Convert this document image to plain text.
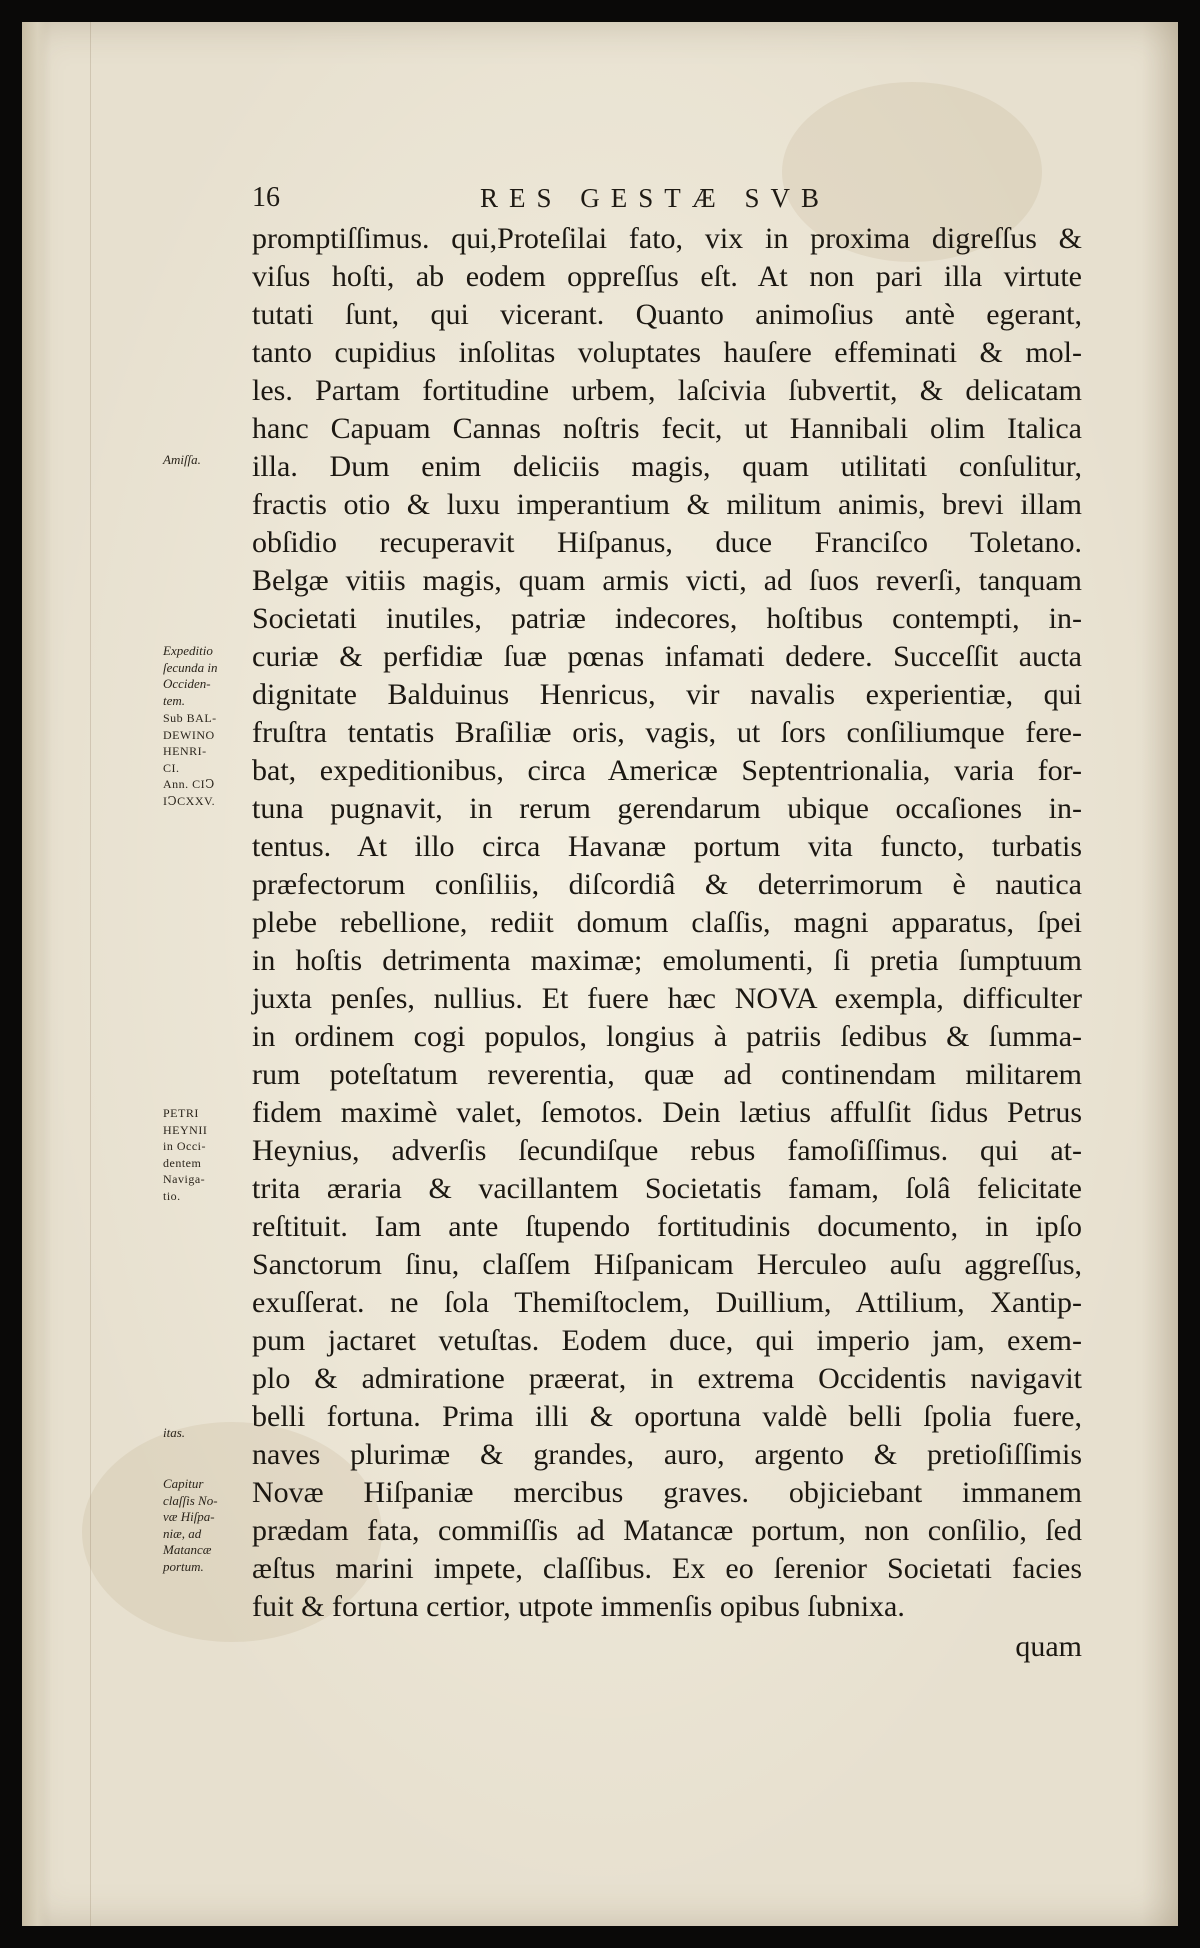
16	RES GESTÆ SVB
promptiſſimus. qui,Proteſilai fato, vix in proxima digreſſus &
viſus hoſti, ab eodem oppreſſus eſt. At non pari illa virtute
tutati ſunt, qui vicerant. Quanto animoſius antè egerant,
tanto cupidius inſolitas voluptates hauſere effeminati & mol-
les. Partam fortitudine urbem, laſcivia ſubvertit, & delicatam
hanc Capuam Cannas noſtris fecit, ut Hannibali olim Italica
illa. Dum enim deliciis magis, quam utilitati conſulitur,
fractis otio & luxu imperantium & militum animis, brevi illam
obſidio recuperavit Hiſpanus, duce Franciſco Toletano.
Belgæ vitiis magis, quam armis victi, ad ſuos reverſi, tanquam
Societati inutiles, patriæ indecores, hoſtibus contempti, in-
curiæ & perfidiæ ſuæ pœnas infamati dedere. Succeſſit aucta
dignitate Balduinus Henricus, vir navalis experientiæ, qui
fruſtra tentatis Braſiliæ oris, vagis, ut ſors conſiliumque fere-
bat, expeditionibus, circa Americæ Septentrionalia, varia for-
tuna pugnavit, in rerum gerendarum ubique occaſiones in-
tentus. At illo circa Havanæ portum vita functo, turbatis
præfectorum conſiliis, diſcordiâ & deterrimorum è nautica
plebe rebellione, rediit domum claſſis, magni apparatus, ſpei
in hoſtis detrimenta maximæ; emolumenti, ſi pretia ſumptuum
juxta penſes, nullius. Et fuere hæc NOVA exempla, difficulter
in ordinem cogi populos, longius à patriis ſedibus & ſumma-
rum poteſtatum reverentia, quæ ad continendam militarem
fidem maximè valet, ſemotos. Dein lætius affulſit ſidus Petrus
Heynius, adverſis ſecundiſque rebus famoſiſſimus. qui at-
trita æraria & vacillantem Societatis famam, ſolâ felicitate
reſtituit. Iam ante ſtupendo fortitudinis documento, in ipſo
Sanctorum ſinu, claſſem Hiſpanicam Herculeo auſu aggreſſus,
exuſſerat. ne ſola Themiſtoclem, Duillium, Attilium, Xantip-
pum jactaret vetuſtas. Eodem duce, qui imperio jam, exem-
plo & admiratione præerat, in extrema Occidentis navigavit
belli fortuna. Prima illi & oportuna valdè belli ſpolia fuere,
naves plurimæ & grandes, auro, argento & pretioſiſſimis
Novæ Hiſpaniæ mercibus graves. objiciebant immanem
prædam fata, commiſſis ad Matancæ portum, non conſilio, ſed
æſtus marini impete, claſſibus. Ex eo ſerenior Societati facies
fuit & fortuna certior, utpote immenſis opibus ſubnixa.
quam
Amiſſa.
Expeditio
ſecunda in
Occiden-
tem.
Sub BAL-
DEWINO
HENRI-
CI.
Ann. CIↃ
IↃCXXV.
PETRI
HEYNII
in Occi-
dentem
Naviga-
tio.
itas.
Capitur
claſſis No-
væ Hiſpa-
niæ, ad
Matancæ
portum.
